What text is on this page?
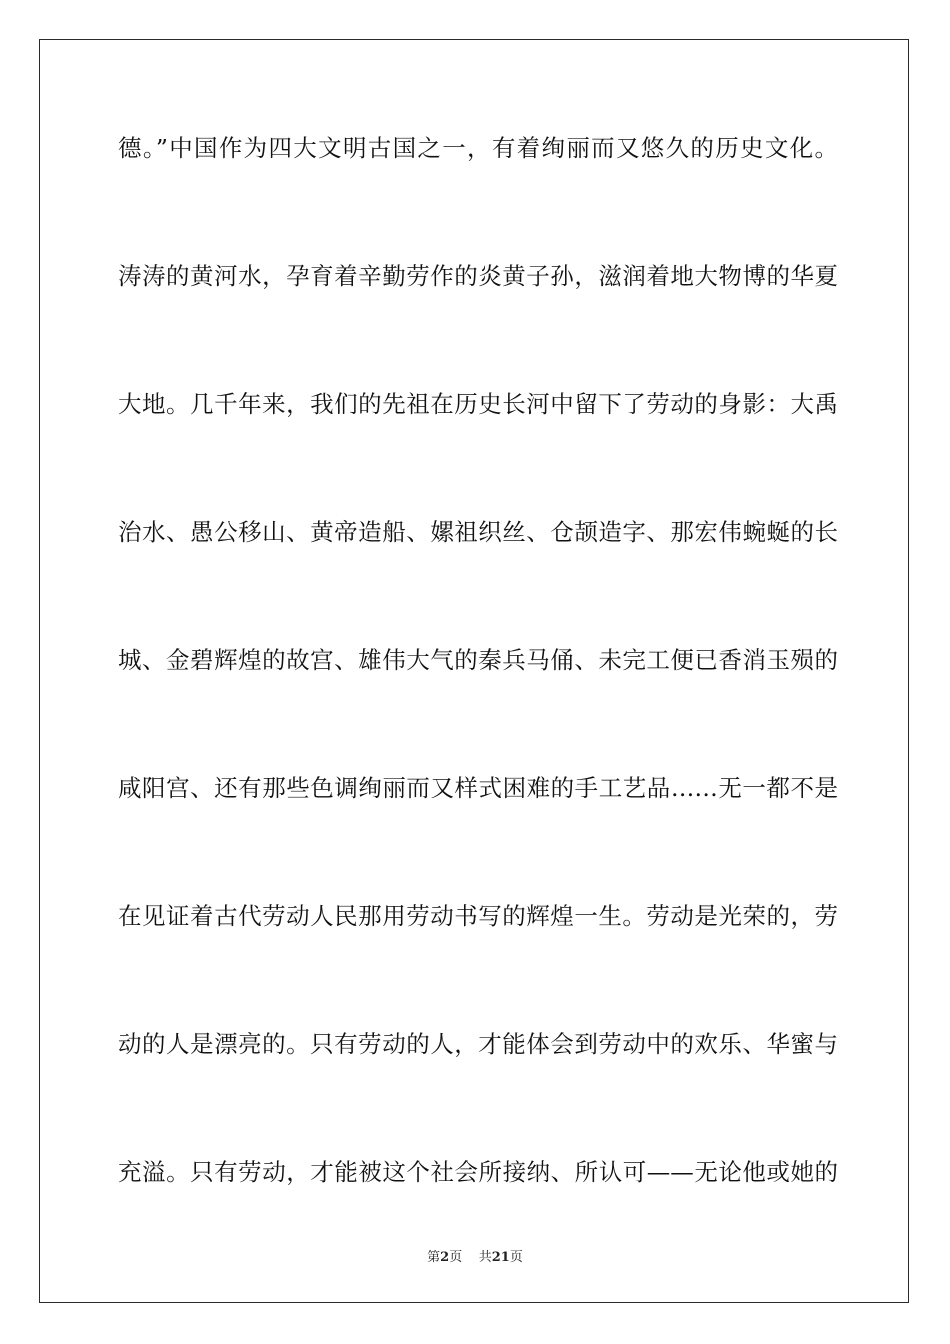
德。”中国作为四大文明古国之一，有着绚丽而又悠久的历史文化。
涛涛的黄河水，孕育着辛勤劳作的炎黄子孙，滋润着地大物博的华夏
大地。几千年来，我们的先祖在历史长河中留下了劳动的身影：大禹
治水、愚公移山、黄帝造船、嫘祖织丝、仓颉造字、那宏伟蜿蜒的长
城、金碧辉煌的故宫、雄伟大气的秦兵马俑、未完工便已香消玉殒的
咸阳宫、还有那些色调绚丽而又样式困难的手工艺品……无一都不是
在见证着古代劳动人民那用劳动书写的辉煌一生。劳动是光荣的，劳
动的人是漂亮的。只有劳动的人，才能体会到劳动中的欢乐、华蜜与
充溢。只有劳动，才能被这个社会所接纳、所认可——无论他或她的
第2页 共21页
